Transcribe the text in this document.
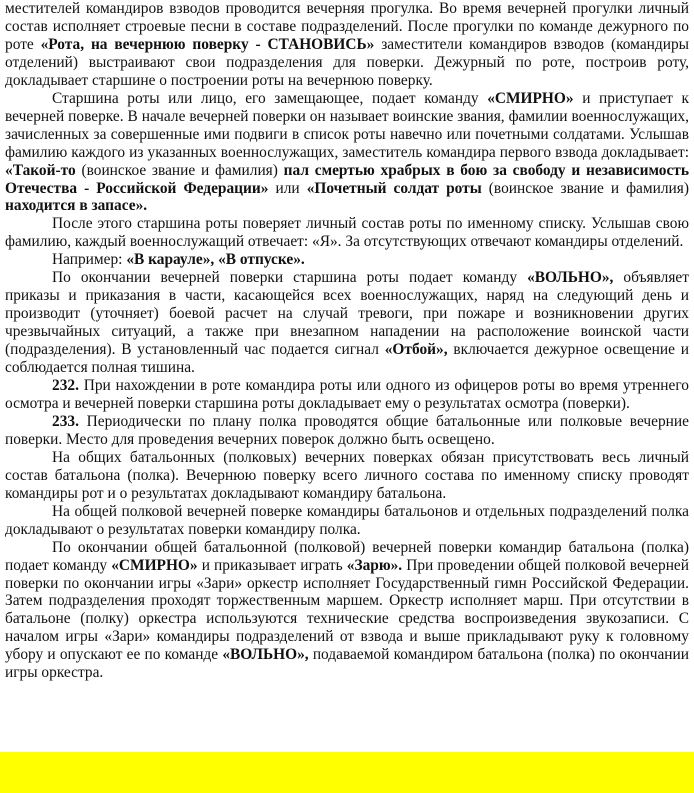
местителей командиров взводов проводится вечерняя прогулка. Во время вечерней прогулки личный состав исполняет строевые песни в составе подразделений. После прогулки по команде дежурного по роте «Рота, на вечернюю поверку - СТАНОВИСЬ» заместители командиров взводов (командиры отделений) выстраивают свои подразделения для поверки. Дежурный по роте, построив роту, докладывает старшине о построении роты на вечернюю поверку.

Старшина роты или лицо, его замещающее, подает команду «СМИРНО» и приступает к вечерней поверке. В начале вечерней поверки он называет воинские звания, фамилии военнослужащих, зачисленных за совершенные ими подвиги в список роты навечно или почетными солдатами. Услышав фамилию каждого из указанных военнослужащих, заместитель командира первого взвода докладывает: «Такой-то (воинское звание и фамилия) пал смертью храбрых в бою за свободу и независимость Отечества - Российской Федерации» или «Почетный солдат роты (воинское звание и фамилия) находится в запасе».

После этого старшина роты поверяет личный состав роты по именному списку. Услышав свою фамилию, каждый военнослужащий отвечает: «Я». За отсутствующих отвечают командиры отделений.

Например: «В карауле», «В отпуске».

По окончании вечерней поверки старшина роты подает команду «ВОЛЬНО», объявляет приказы и приказания в части, касающейся всех военнослужащих, наряд на следующий день и производит (уточняет) боевой расчет на случай тревоги, при пожаре и возникновении других чрезвычайных ситуаций, а также при внезапном нападении на расположение воинской части (подразделения). В установленный час подается сигнал «Отбой», включается дежурное освещение и соблюдается полная тишина.

232. При нахождении в роте командира роты или одного из офицеров роты во время утреннего осмотра и вечерней поверки старшина роты докладывает ему о результатах осмотра (поверки).

233. Периодически по плану полка проводятся общие батальонные или полковые вечерние поверки. Место для проведения вечерних поверок должно быть освещено.

На общих батальонных (полковых) вечерних поверках обязан присутствовать весь личный состав батальона (полка). Вечернюю поверку всего личного состава по именному списку проводят командиры рот и о результатах докладывают командиру батальона.

На общей полковой вечерней поверке командиры батальонов и отдельных подразделений полка докладывают о результатах поверки командиру полка.

По окончании общей батальонной (полковой) вечерней поверки командир батальона (полка) подает команду «СМИРНО» и приказывает играть «Зарю». При проведении общей полковой вечерней поверки по окончании игры «Зари» оркестр исполняет Государственный гимн Российской Федерации. Затем подразделения проходят торжественным маршем. Оркестр исполняет марш. При отсутствии в батальоне (полку) оркестра используются технические средства воспроизведения звукозаписи. С началом игры «Зари» командиры подразделений от взвода и выше прикладывают руку к головному убору и опускают ее по команде «ВОЛЬНО», подаваемой командиром батальона (полка) по окончании игры оркестра.
